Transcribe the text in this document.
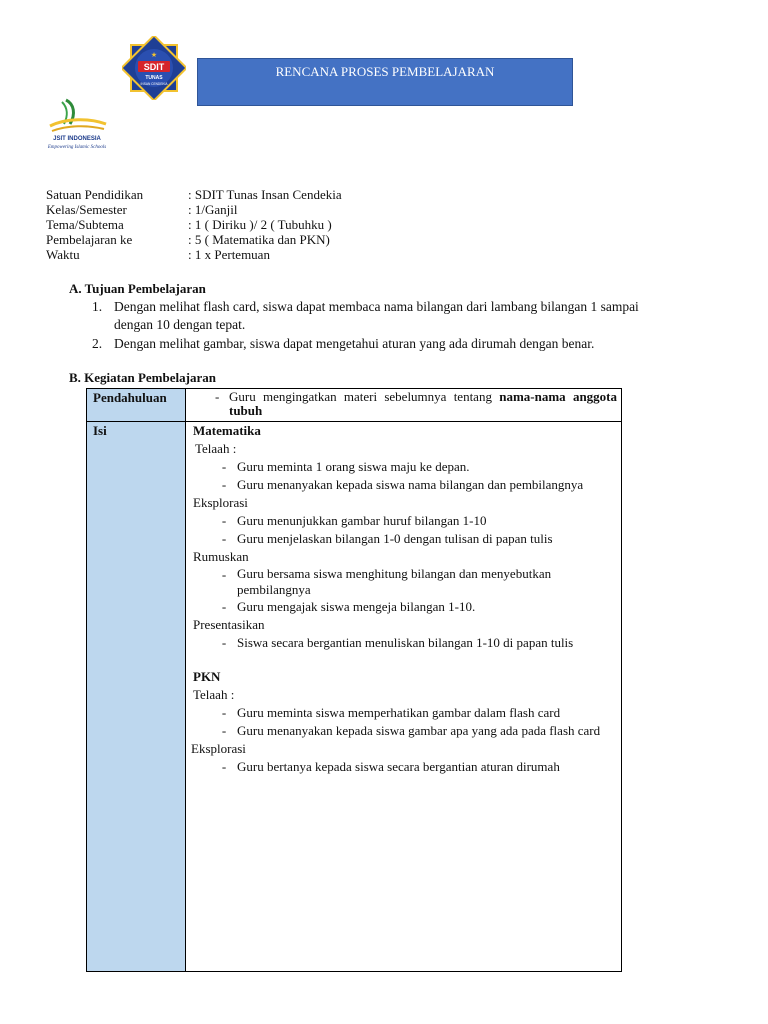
SDIT
TUNAS
INSAN CENDEKIA
★
JSIT INDONESIA
Empowering Islamic Schools
RENCANA PROSES PEMBELAJARAN
Satuan Pendidikan	: SDIT Tunas Insan Cendekia
Kelas/Semester	: 1/Ganjil
Tema/Subtema	: 1 ( Diriku )/ 2 ( Tubuhku )
Pembelajaran ke	: 5 ( Matematika dan PKN)
Waktu	: 1 x Pertemuan
A. Tujuan Pembelajaran
1. Dengan melihat flash card, siswa dapat membaca nama bilangan dari lambang bilangan 1 sampai dengan 10 dengan tepat.
2. Dengan melihat gambar, siswa dapat mengetahui aturan yang ada dirumah dengan benar.
B. Kegiatan Pembelajaran
Pendahuluan	- Guru mengingatkan materi sebelumnya tentang nama-nama anggota tubuh
Isi	Matematika
Telaah :
- Guru meminta 1 orang siswa maju ke depan.
- Guru menanyakan kepada siswa nama bilangan dan pembilangnya
Eksplorasi
- Guru menunjukkan gambar huruf bilangan 1-10
- Guru menjelaskan bilangan 1-0 dengan tulisan di papan tulis
Rumuskan
- Guru bersama siswa menghitung bilangan dan menyebutkan pembilangnya
- Guru mengajak siswa mengeja bilangan 1-10.
Presentasikan
- Siswa secara bergantian menuliskan bilangan 1-10 di papan tulis
PKN
Telaah :
- Guru meminta siswa memperhatikan gambar dalam flash card
- Guru menanyakan kepada siswa gambar apa yang ada pada flash card
Eksplorasi
- Guru bertanya kepada siswa secara bergantian aturan dirumah
